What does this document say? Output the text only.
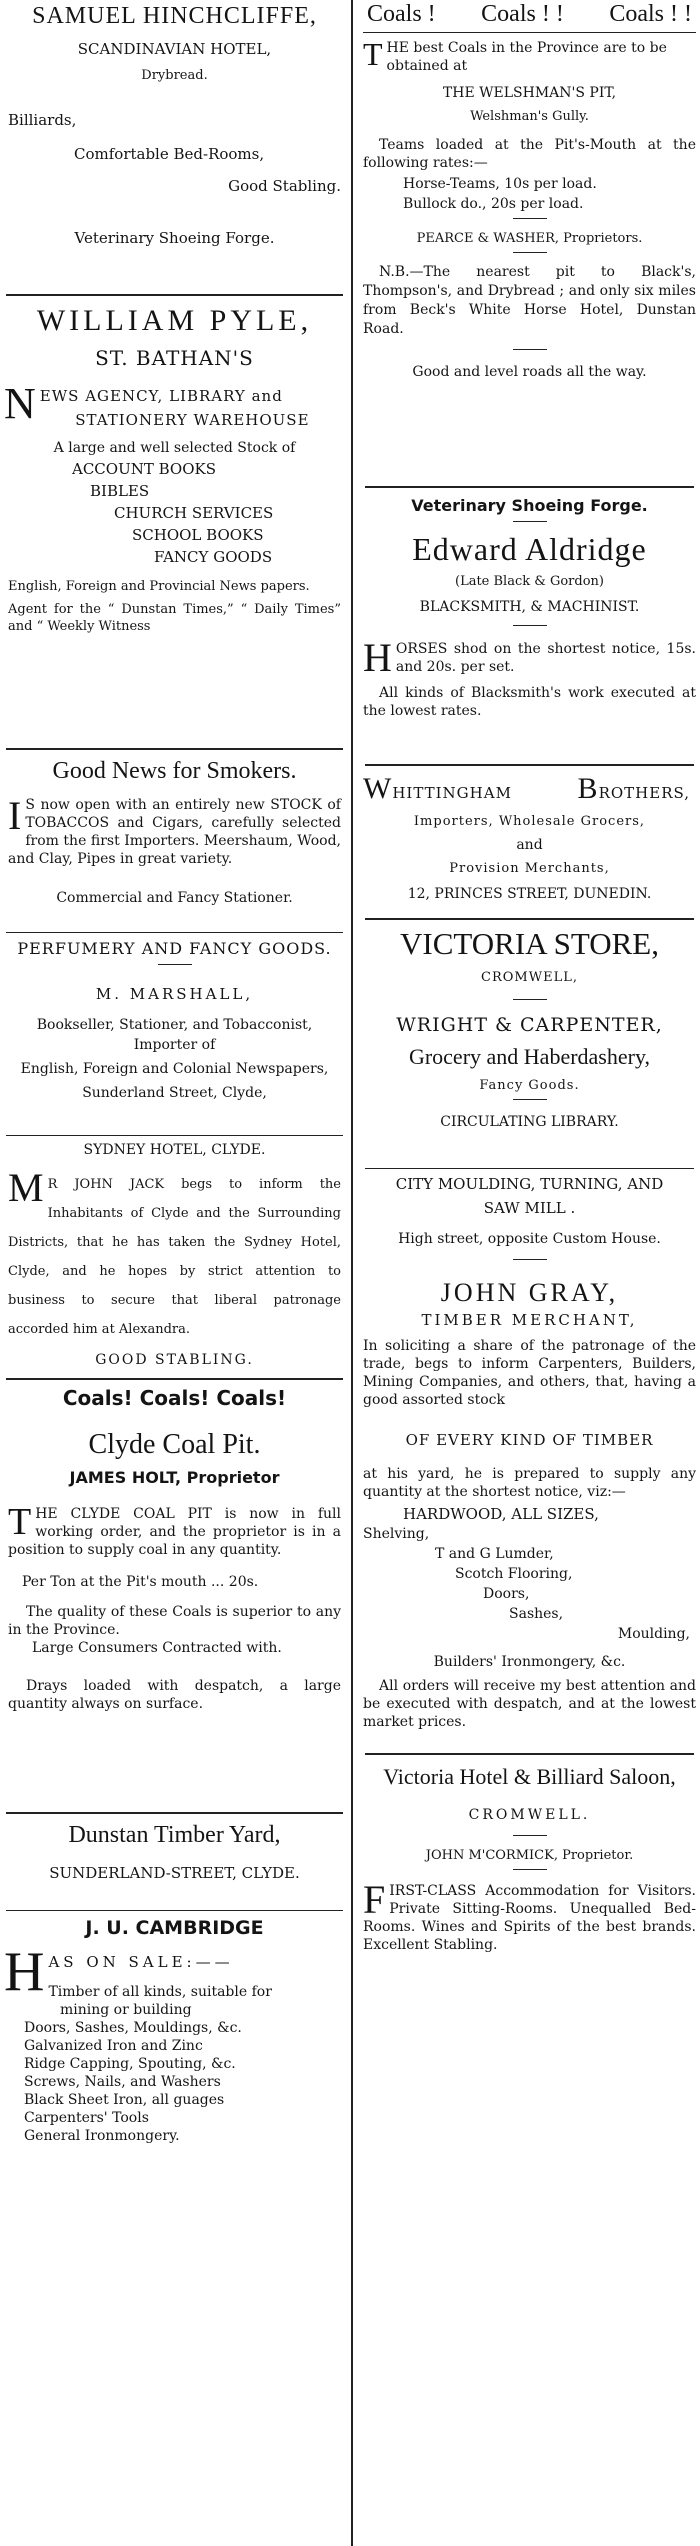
SAMUEL HINCHCLIFFE,
SCANDINAVIAN HOTEL,
Drybread.
Billiards,
Comfortable Bed-Rooms,
Good Stabling.
Veterinary Shoeing Forge.
WILLIAM PYLE,
ST. BATHAN'S
N EWS AGENCY, LIBRARY and
STATIONERY WAREHOUSE
A large and well selected Stock of
ACCOUNT BOOKS
BIBLES
CHURCH SERVICES
SCHOOL BOOKS
FANCY GOODS
English, Foreign and Provincial News papers.
Agent for the “ Dunstan Times,” “ Daily Times” and “ Weekly Witness
Good News for Smokers.
I S now open with an entirely new STOCK of TOBACCOS and Cigars, carefully selected from the first Importers. Meershaum, Wood, and Clay, Pipes in great variety.
Commercial and Fancy Stationer.
PERFUMERY AND FANCY GOODS.
M. MARSHALL,
Bookseller, Stationer, and Tobacconist,
Importer of
English, Foreign and Colonial Newspapers,
Sunderland Street, Clyde,
SYDNEY HOTEL, CLYDE.
M R JOHN JACK begs to inform the Inhabitants of Clyde and the Surrounding Districts, that he has taken the Sydney Hotel, Clyde, and he hopes by strict attention to business to secure that liberal patronage accorded him at Alexandra.
GOOD STABLING.
Coals! Coals! Coals!
Clyde Coal Pit.
JAMES HOLT, Proprietor
T HE CLYDE COAL PIT is now in full working order, and the proprietor is in a position to supply coal in any quantity.
Per Ton at the Pit's mouth ... 20s.
The quality of these Coals is superior to any in the Province.
Large Consumers Contracted with.
Drays loaded with despatch, a large quantity always on surface.
Dunstan Timber Yard,
SUNDERLAND-STREET, CLYDE.
J. U. CAMBRIDGE
H AS ON SALE:——
Timber of all kinds, suitable for
mining or building
Doors, Sashes, Mouldings, &c.
Galvanized Iron and Zinc
Ridge Capping, Spouting, &c.
Screws, Nails, and Washers
Black Sheet Iron, all guages
Carpenters' Tools
General Ironmongery.
Coals ! Coals ! ! Coals ! !
T HE best Coals in the Province are to be obtained at
THE WELSHMAN'S PIT,
Welshman's Gully.
Teams loaded at the Pit's-Mouth at the following rates:—
Horse-Teams, 10s per load.
Bullock do., 20s per load.
PEARCE & WASHER, Proprietors.
N.B.—The nearest pit to Black's, Thompson's, and Drybread ; and only six miles from Beck's White Horse Hotel, Dunstan Road.
Good and level roads all the way.
Veterinary Shoeing Forge.
Edward Aldridge
(Late Black & Gordon)
BLACKSMITH, & MACHINIST.
H ORSES shod on the shortest notice, 15s. and 20s. per set.
All kinds of Blacksmith's work executed at the lowest rates.
WHITTINGHAM BROTHERS,
Importers, Wholesale Grocers,
and
Provision Merchants,
12, PRINCES STREET, DUNEDIN.
VICTORIA STORE,
CROMWELL,
WRIGHT & CARPENTER,
Grocery and Haberdashery,
Fancy Goods.
CIRCULATING LIBRARY.
CITY MOULDING, TURNING, AND
SAW MILL .
High street, opposite Custom House.
JOHN GRAY,
TIMBER MERCHANT,
In soliciting a share of the patronage of the trade, begs to inform Carpenters, Builders, Mining Companies, and others, that, having a good assorted stock
OF EVERY KIND OF TIMBER
at his yard, he is prepared to supply any quantity at the shortest notice, viz:—
HARDWOOD, ALL SIZES,
Shelving,
T and G Lumder,
Scotch Flooring,
Doors,
Sashes,
Moulding,
Builders' Ironmongery, &c.
All orders will receive my best attention and be executed with despatch, and at the lowest market prices.
Victoria Hotel & Billiard Saloon,
CROMWELL.
JOHN M'CORMICK, Proprietor.
F IRST-CLASS Accommodation for Visitors. Private Sitting-Rooms. Unequalled Bed-Rooms. Wines and Spirits of the best brands. Excellent Stabling.
